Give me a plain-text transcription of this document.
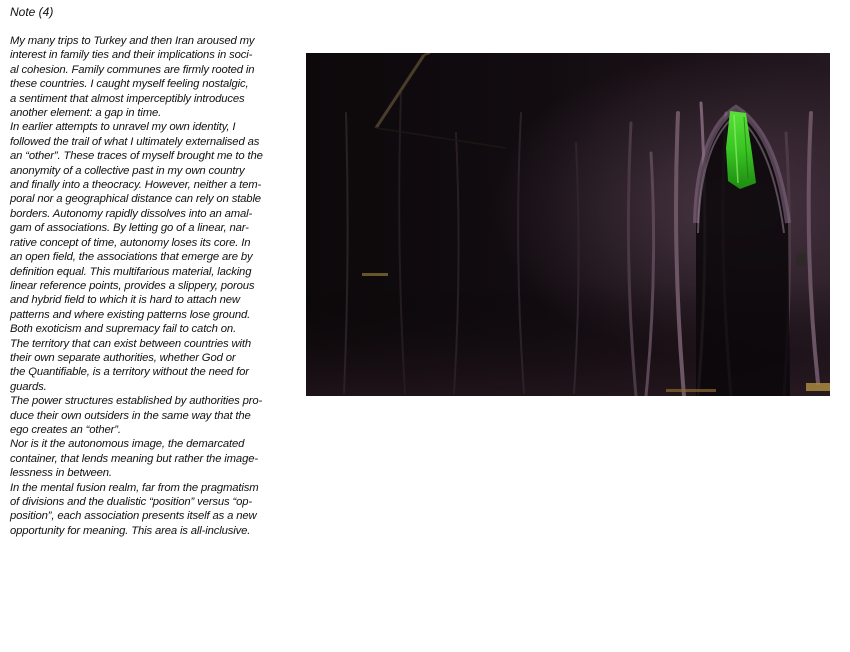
Note (4)
My many trips to Turkey and then Iran aroused my
interest in family ties and their implications in soci-
al cohesion. Family communes are firmly rooted in
these countries. I caught myself feeling nostalgic,
a sentiment that almost imperceptibly introduces
another element: a gap in time.
In earlier attempts to unravel my own identity, I
followed the trail of what I ultimately externalised as
an “other”. These traces of myself brought me to the
anonymity of a collective past in my own country
and finally into a theocracy. However, neither a tem-
poral nor a geographical distance can rely on stable
borders. Autonomy rapidly dissolves into an amal-
gam of associations. By letting go of a linear, nar-
rative concept of time, autonomy loses its core. In
an open field, the associations that emerge are by
definition equal. This multifarious material, lacking
linear reference points, provides a slippery, porous
and hybrid field to which it is hard to attach new
patterns and where existing patterns lose ground.
Both exoticism and supremacy fail to catch on.
The territory that can exist between countries with
their own separate authorities, whether God or
the Quantifiable, is a territory without the need for
guards.
The power structures established by authorities pro-
duce their own outsiders in the same way that the
ego creates an “other”.
Nor is it the autonomous image, the demarcated
container, that lends meaning but rather the image-
lessness in between.
In the mental fusion realm, far from the pragmatism
of divisions and the dualistic “position” versus “op-
position”, each association presents itself as a new
opportunity for meaning. This area is all-inclusive.
